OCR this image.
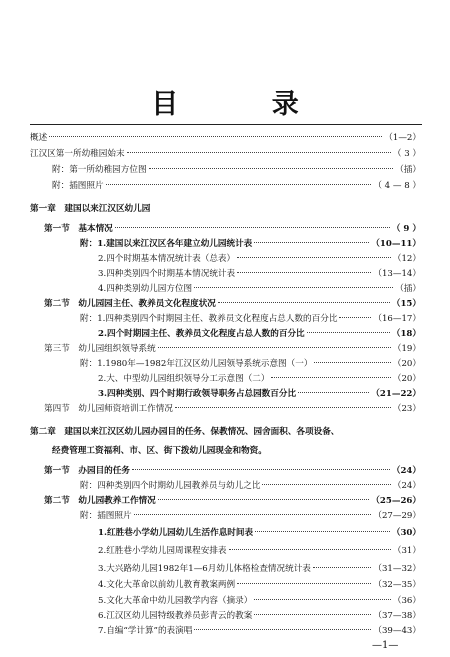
目 录
概述	（1—2）
江汉区第一所幼稚园始末	（ 3 ）
附：第一所幼稚园方位图	（插）
附：插图照片	（ 4 — 8 ）
第一章　建国以来江汉区幼儿园
第一节　基本情况	（ 9 ）
附：1.建国以来江汉区各年建立幼儿园统计表	（10—11）
2.四个时期基本情况统计表（总表）	（12）
3.四种类别四个时期基本情况统计表	（13—14）
4.四种类别幼儿园方位图	（插）
第二节　幼儿园园主任、教养员文化程度状况	（15）
附：1.四种类别四个时期园主任、教养员文化程度占总人数的百分比	（16—17）
2.四个时期园主任、教养员文化程度占总人数的百分比	（18）
第三节　幼儿园组织领导系统	（19）
附：1.1980年—1982年江汉区幼儿园领导系统示意图（一）	（20）
2.大、中型幼儿园组织领导分工示意图（二）	（20）
3.四种类别、四个时期行政领导职务占总园数百分比	（21—22）
第四节　幼儿园师资培训工作情况	（23）
第二章　建国以来江汉区幼儿园办园目的任务、保教情况、园舍面积、各项设备、
经费管理工资福利、市、区、街下拨幼儿园现金和物资。
第一节　办园目的任务	（24）
附：四种类别四个时期幼儿园教养员与幼儿之比	（24）
第二节　幼儿园教养工作情况	（25—26）
附：插图照片	（27—29）
1.红胜巷小学幼儿园幼儿生活作息时间表	（30）
2.红胜巷小学幼儿园周课程安排表	（31）
3.大兴路幼儿园1982年1—6月幼儿体格检查情况统计表	（31—32）
4.文化大革命以前幼儿教育教案两例	（32—35）
5.文化大革命中幼儿园教学内容（摘录）	（36）
6.江汉区幼儿园特级教养员彭青云的教案	（37—38）
7.自编“学计算”的表演唱	（39—43）
—1—
